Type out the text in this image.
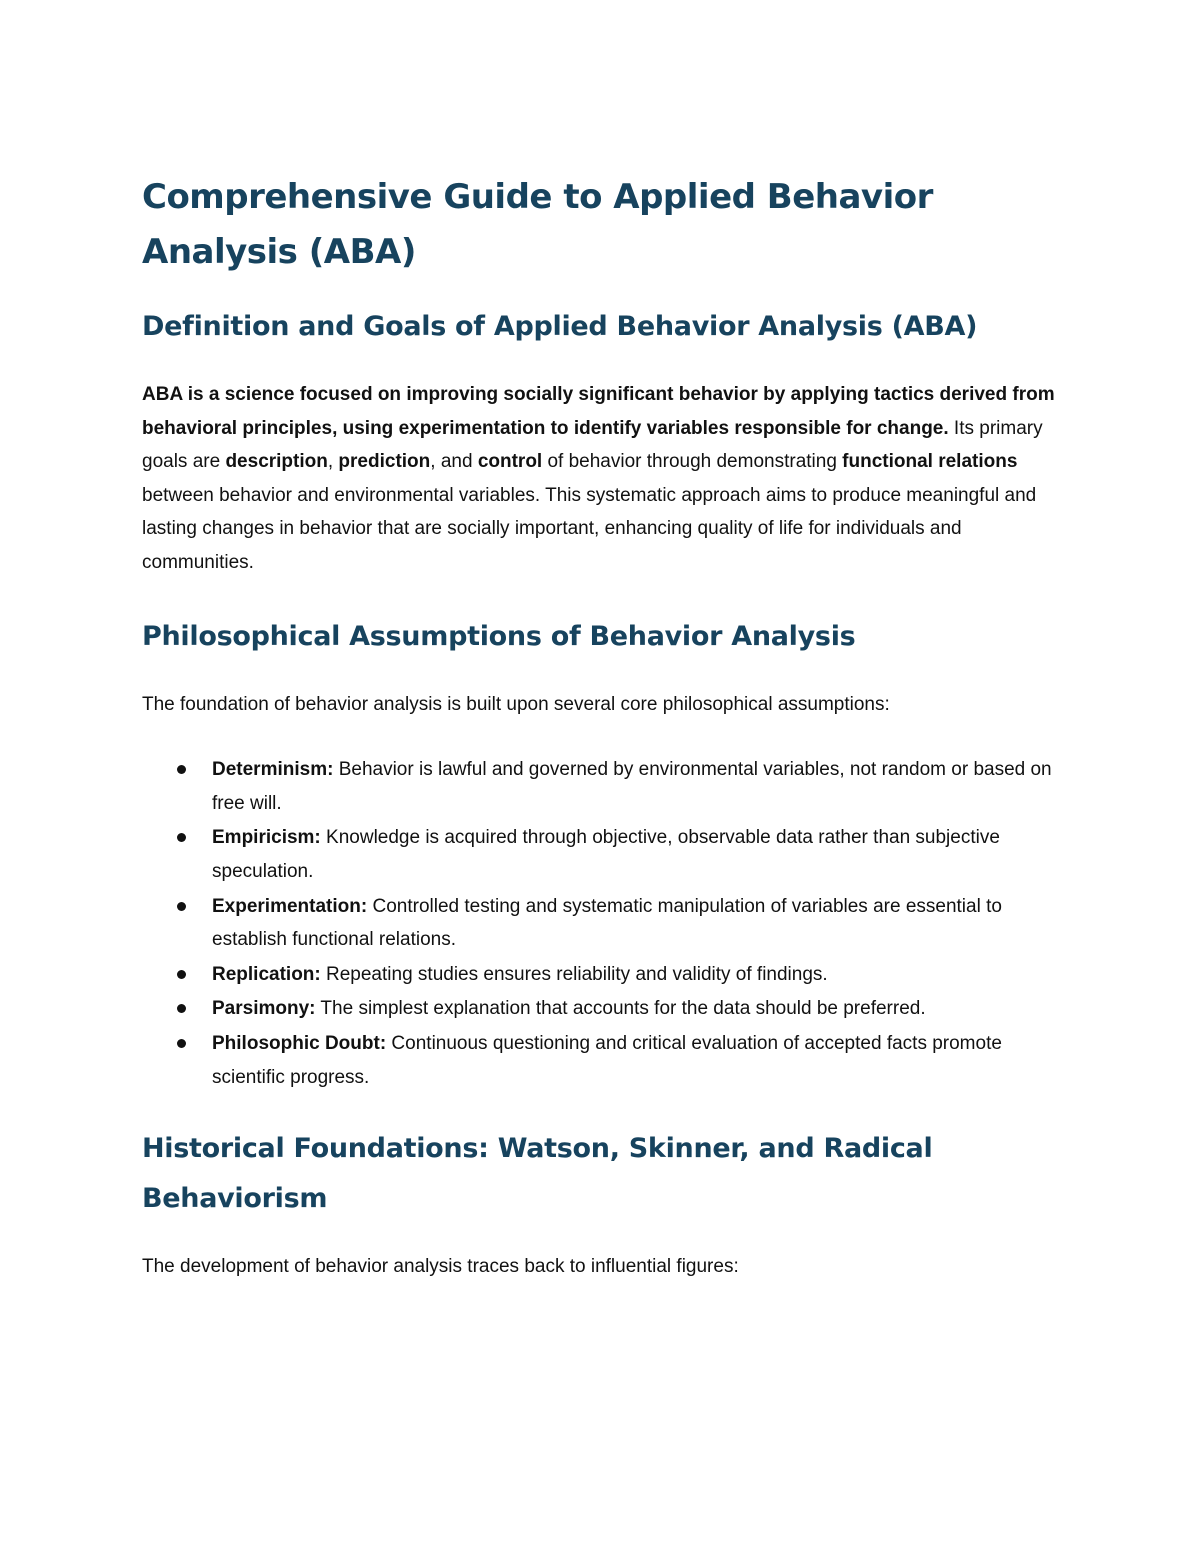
Comprehensive Guide to Applied Behavior Analysis (ABA)
Definition and Goals of Applied Behavior Analysis (ABA)

ABA is a science focused on improving socially significant behavior by applying tactics derived from behavioral principles, using experimentation to identify variables responsible for change. Its primary goals are description, prediction, and control of behavior through demonstrating functional relations between behavior and environmental variables. This systematic approach aims to produce meaningful and lasting changes in behavior that are socially important, enhancing quality of life for individuals and communities.

Philosophical Assumptions of Behavior Analysis

The foundation of behavior analysis is built upon several core philosophical assumptions:

Determinism: Behavior is lawful and governed by environmental variables, not random or based on free will.
Empiricism: Knowledge is acquired through objective, observable data rather than subjective speculation.
Experimentation: Controlled testing and systematic manipulation of variables are essential to establish functional relations.
Replication: Repeating studies ensures reliability and validity of findings.
Parsimony: The simplest explanation that accounts for the data should be preferred.
Philosophic Doubt: Continuous questioning and critical evaluation of accepted facts promote scientific progress.
Historical Foundations: Watson, Skinner, and Radical Behaviorism

The development of behavior analysis traces back to influential figures:
